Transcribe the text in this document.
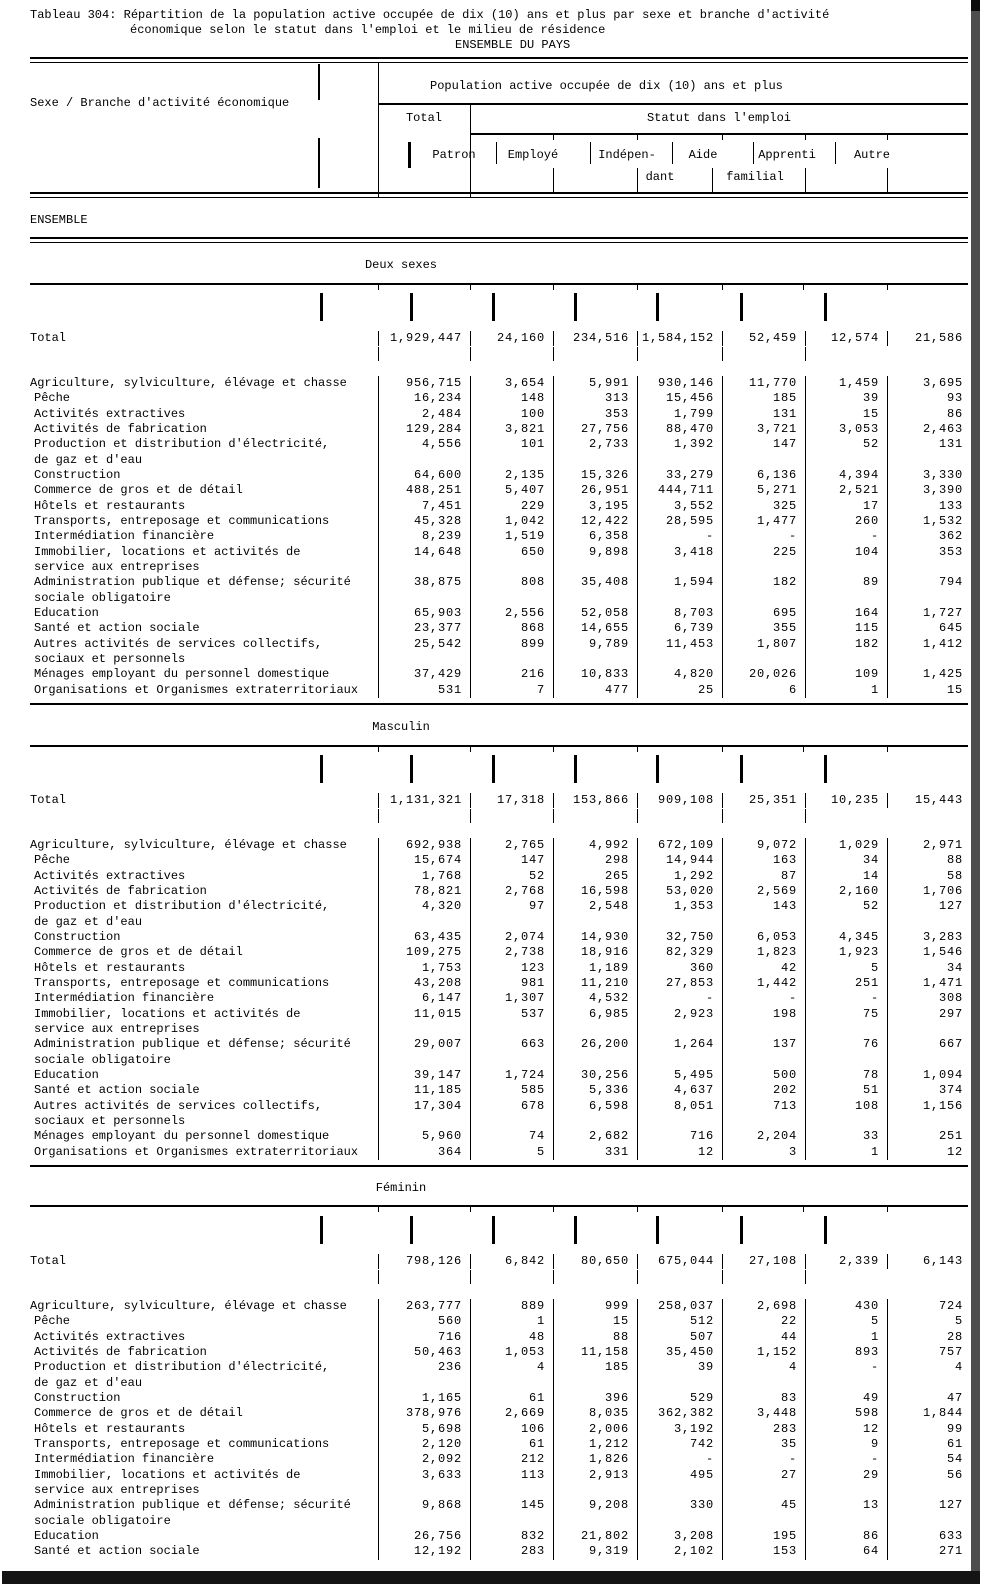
Tableau 304: Répartition de la population active occupée de dix (10) ans et plus par sexe et branche d'activité
économique selon le statut dans l'emploi et le milieu de résidence
ENSEMBLE DU PAYS
Sexe / Branche d'activité économique
Population active occupée de dix (10) ans et plus
Total	Statut dans l'emploi
Patron	Employé	Indépen-	Aide	Apprenti	Autre
dant	familial
ENSEMBLE
Deux sexes
Total	1,929,447	24,160	234,516	1,584,152	52,459	12,574	21,586
Agriculture, sylviculture, élévage et chasse	956,715	3,654	5,991	930,146	11,770	1,459	3,695
Pêche	16,234	148	313	15,456	185	39	93
Activités extractives	2,484	100	353	1,799	131	15	86
Activités de fabrication	129,284	3,821	27,756	88,470	3,721	3,053	2,463
Production et distribution d'électricité,
de gaz et d'eau
4,556	101	2,733	1,392	147	52	131
Construction	64,600	2,135	15,326	33,279	6,136	4,394	3,330
Commerce de gros et de détail	488,251	5,407	26,951	444,711	5,271	2,521	3,390
Hôtels et restaurants	7,451	229	3,195	3,552	325	17	133
Transports, entreposage et communications	45,328	1,042	12,422	28,595	1,477	260	1,532
Intermédiation financière	8,239	1,519	6,358	-	-	-	362
Immobilier, locations et activités de
service aux entreprises
14,648	650	9,898	3,418	225	104	353
Administration publique et défense; sécurité
sociale obligatoire
38,875	808	35,408	1,594	182	89	794
Education	65,903	2,556	52,058	8,703	695	164	1,727
Santé et action sociale	23,377	868	14,655	6,739	355	115	645
Autres activités de services collectifs,
sociaux et personnels
25,542	899	9,789	11,453	1,807	182	1,412
Ménages employant du personnel domestique	37,429	216	10,833	4,820	20,026	109	1,425
Organisations et Organismes extraterritoriaux	531	7	477	25	6	1	15
Masculin
Total	1,131,321	17,318	153,866	909,108	25,351	10,235	15,443
Agriculture, sylviculture, élévage et chasse	692,938	2,765	4,992	672,109	9,072	1,029	2,971
Pêche	15,674	147	298	14,944	163	34	88
Activités extractives	1,768	52	265	1,292	87	14	58
Activités de fabrication	78,821	2,768	16,598	53,020	2,569	2,160	1,706
Production et distribution d'électricité,
de gaz et d'eau
4,320	97	2,548	1,353	143	52	127
Construction	63,435	2,074	14,930	32,750	6,053	4,345	3,283
Commerce de gros et de détail	109,275	2,738	18,916	82,329	1,823	1,923	1,546
Hôtels et restaurants	1,753	123	1,189	360	42	5	34
Transports, entreposage et communications	43,208	981	11,210	27,853	1,442	251	1,471
Intermédiation financière	6,147	1,307	4,532	-	-	-	308
Immobilier, locations et activités de
service aux entreprises
11,015	537	6,985	2,923	198	75	297
Administration publique et défense; sécurité
sociale obligatoire
29,007	663	26,200	1,264	137	76	667
Education	39,147	1,724	30,256	5,495	500	78	1,094
Santé et action sociale	11,185	585	5,336	4,637	202	51	374
Autres activités de services collectifs,
sociaux et personnels
17,304	678	6,598	8,051	713	108	1,156
Ménages employant du personnel domestique	5,960	74	2,682	716	2,204	33	251
Organisations et Organismes extraterritoriaux	364	5	331	12	3	1	12
Féminin
Total	798,126	6,842	80,650	675,044	27,108	2,339	6,143
Agriculture, sylviculture, élévage et chasse	263,777	889	999	258,037	2,698	430	724
Pêche	560	1	15	512	22	5	5
Activités extractives	716	48	88	507	44	1	28
Activités de fabrication	50,463	1,053	11,158	35,450	1,152	893	757
Production et distribution d'électricité,
de gaz et d'eau
236	4	185	39	4	-	4
Construction	1,165	61	396	529	83	49	47
Commerce de gros et de détail	378,976	2,669	8,035	362,382	3,448	598	1,844
Hôtels et restaurants	5,698	106	2,006	3,192	283	12	99
Transports, entreposage et communications	2,120	61	1,212	742	35	9	61
Intermédiation financière	2,092	212	1,826	-	-	-	54
Immobilier, locations et activités de
service aux entreprises
3,633	113	2,913	495	27	29	56
Administration publique et défense; sécurité
sociale obligatoire
9,868	145	9,208	330	45	13	127
Education	26,756	832	21,802	3,208	195	86	633
Santé et action sociale	12,192	283	9,319	2,102	153	64	271
